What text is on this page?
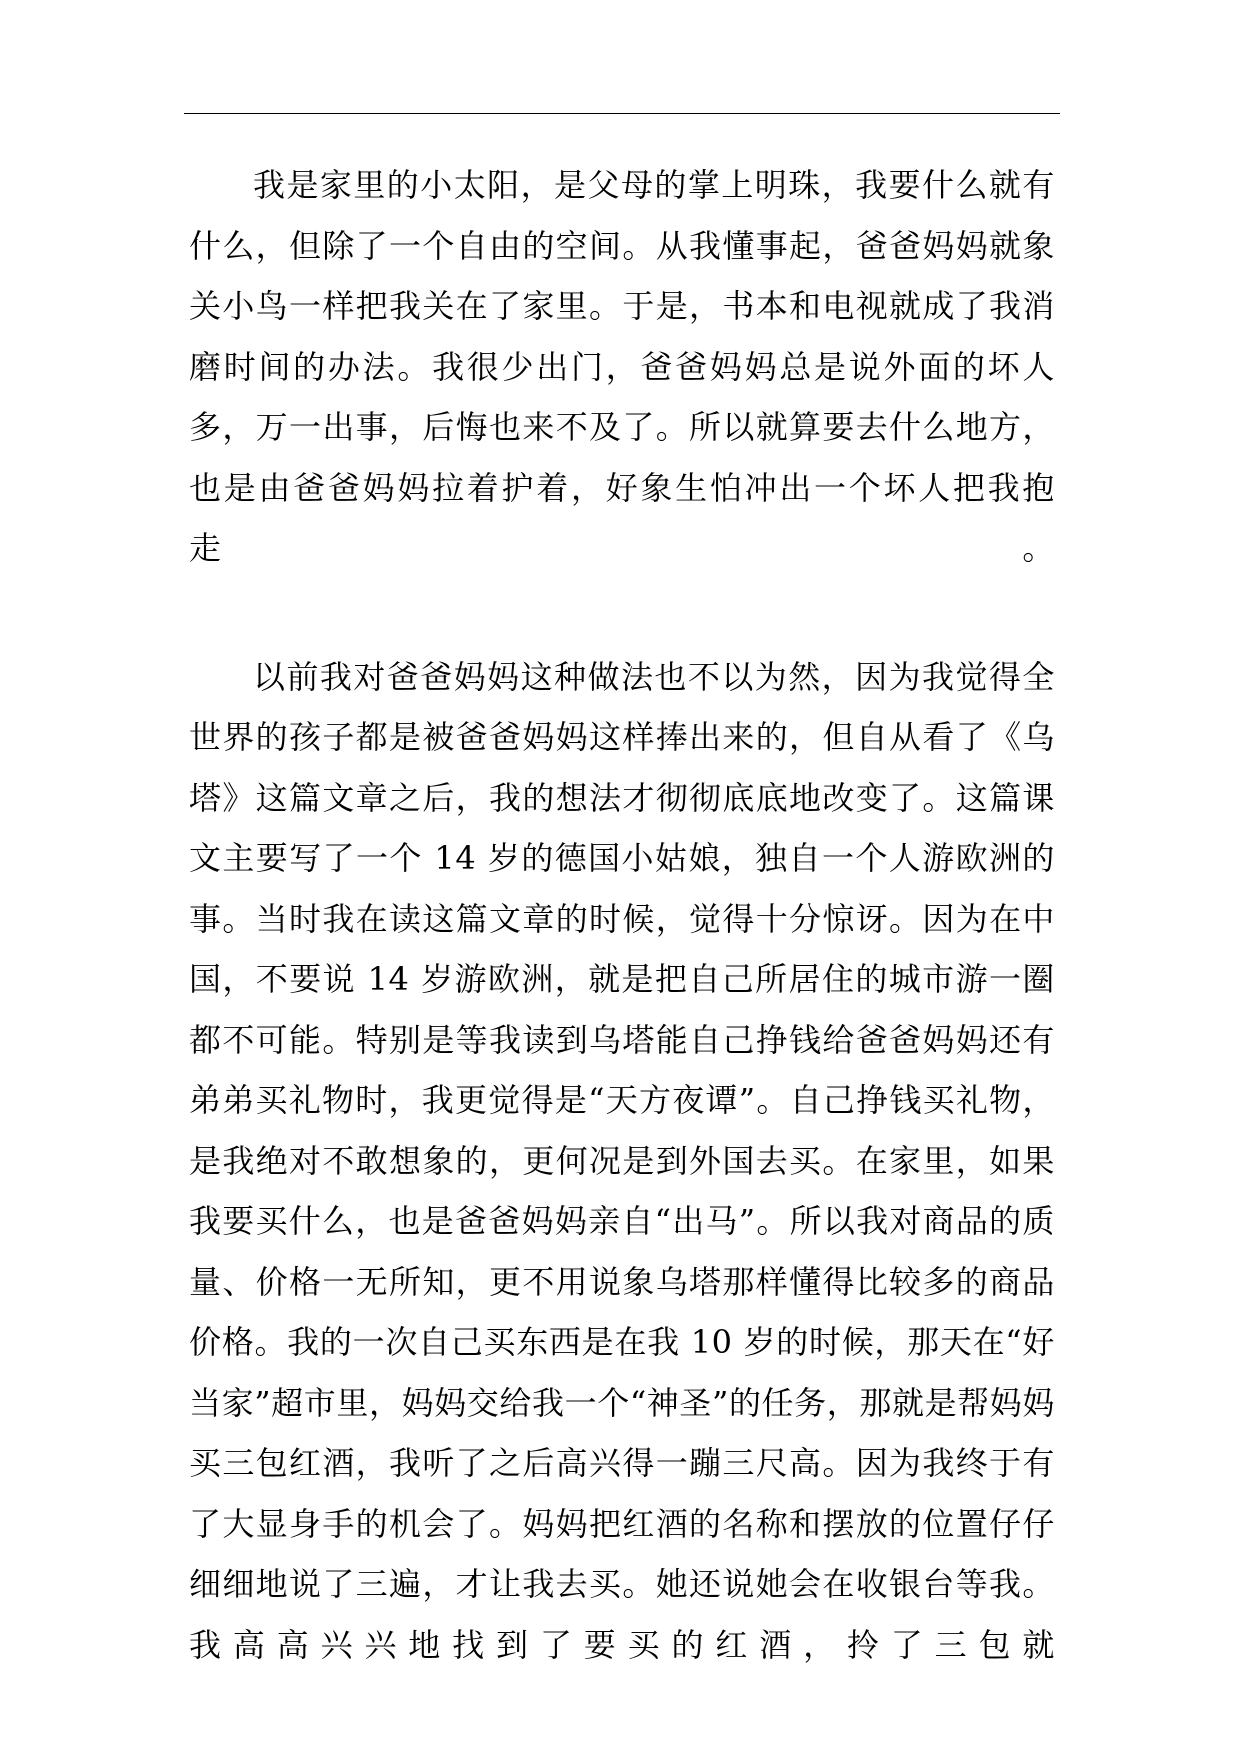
我是家里的小太阳，是父母的掌上明珠，我要什么就有什么，但除了一个自由的空间。从我懂事起，爸爸妈妈就象关小鸟一样把我关在了家里。于是，书本和电视就成了我消磨时间的办法。我很少出门，爸爸妈妈总是说外面的坏人多，万一出事，后悔也来不及了。所以就算要去什么地方，也是由爸爸妈妈拉着护着，好象生怕冲出一个坏人把我抱走。

以前我对爸爸妈妈这种做法也不以为然，因为我觉得全世界的孩子都是被爸爸妈妈这样捧出来的，但自从看了《乌塔》这篇文章之后，我的想法才彻彻底底地改变了。这篇课文主要写了一个 14 岁的德国小姑娘，独自一个人游欧洲的事。当时我在读这篇文章的时候，觉得十分惊讶。因为在中国，不要说 14 岁游欧洲，就是把自己所居住的城市游一圈都不可能。特别是等我读到乌塔能自己挣钱给爸爸妈妈还有弟弟买礼物时，我更觉得是“天方夜谭”。自己挣钱买礼物，是我绝对不敢想象的，更何况是到外国去买。在家里，如果我要买什么，也是爸爸妈妈亲自“出马”。所以我对商品的质量、价格一无所知，更不用说象乌塔那样懂得比较多的商品价格。我的一次自己买东西是在我 10 岁的时候，那天在“好当家”超市里，妈妈交给我一个“神圣”的任务，那就是帮妈妈买三包红酒，我听了之后高兴得一蹦三尺高。因为我终于有了大显身手的机会了。妈妈把红酒的名称和摆放的位置仔仔细细地说了三遍，才让我去买。她还说她会在收银台等我。我高高兴兴地找到了要买的红酒，拎了三包就
